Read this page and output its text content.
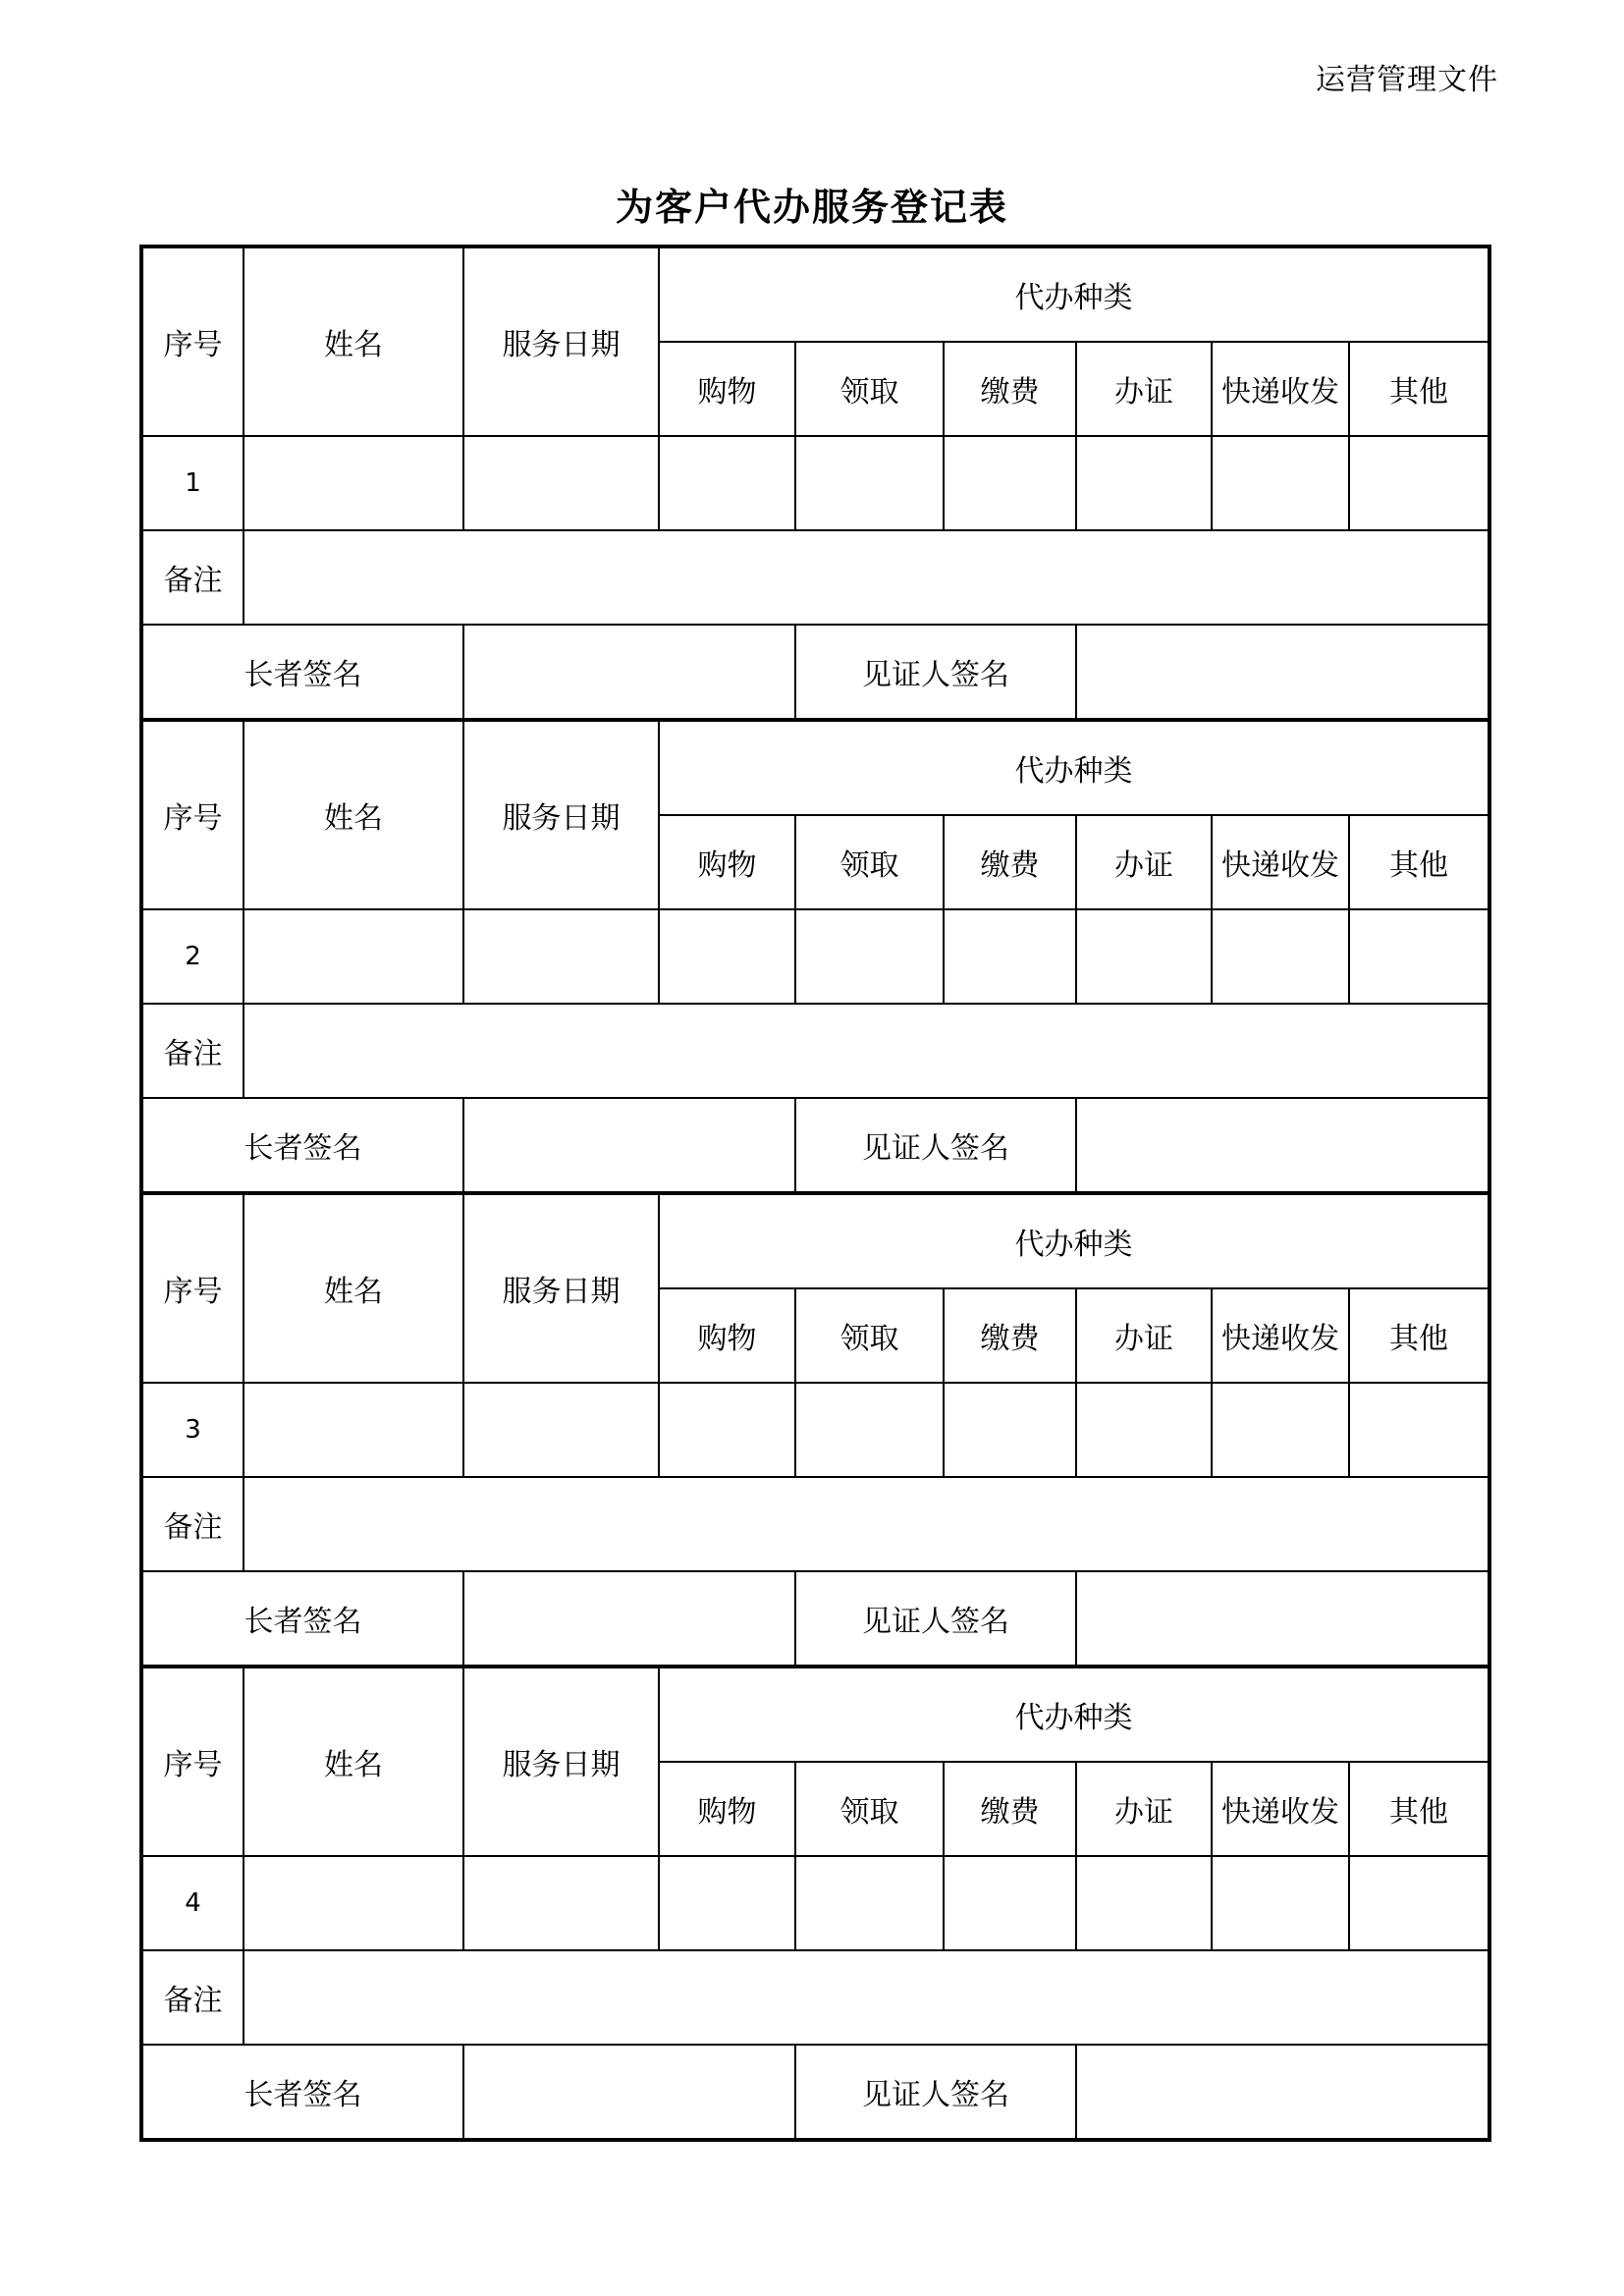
运营管理文件
为客户代办服务登记表
序号	姓名	服务日期	代办种类					
			购物	领取	缴费	办证	快递收发	其他
1								
备注								
长者签名				见证人签名				
序号	姓名	服务日期	代办种类					
			购物	领取	缴费	办证	快递收发	其他
2								
备注								
长者签名				见证人签名				
序号	姓名	服务日期	代办种类					
			购物	领取	缴费	办证	快递收发	其他
3								
备注								
长者签名				见证人签名				
序号	姓名	服务日期	代办种类					
			购物	领取	缴费	办证	快递收发	其他
4								
备注								
长者签名				见证人签名				
